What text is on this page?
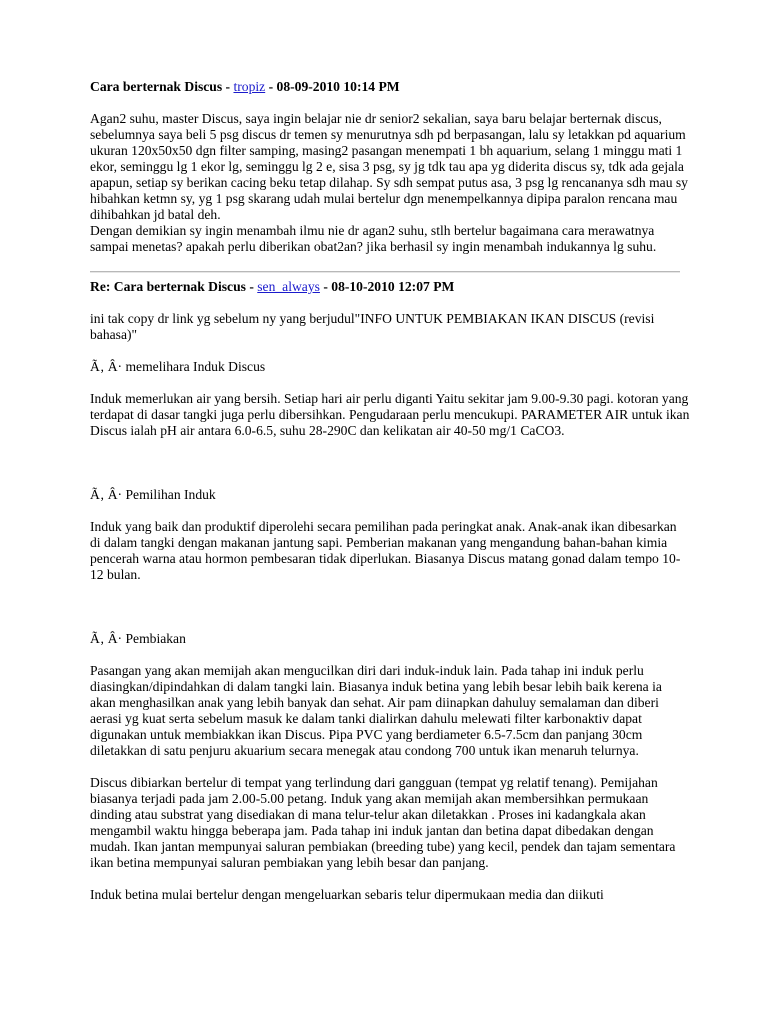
Cara berternak Discus - tropiz - 08-09-2010 10:14 PM

Agan2 suhu, master Discus, saya ingin belajar nie dr senior2 sekalian, saya baru belajar berternak discus, sebelumnya saya beli 5 psg discus dr temen sy menurutnya sdh pd berpasangan, lalu sy letakkan pd aquarium ukuran 120x50x50 dgn filter samping, masing2 pasangan menempati 1 bh aquarium, selang 1 minggu mati 1 ekor, seminggu lg 1 ekor lg, seminggu lg 2 e, sisa 3 psg, sy jg tdk tau apa yg diderita discus sy, tdk ada gejala apapun, setiap sy berikan cacing beku tetap dilahap. Sy sdh sempat putus asa, 3 psg lg rencananya sdh mau sy hibahkan ketmn sy, yg 1 psg skarang udah mulai bertelur dgn menempelkannya dipipa paralon rencana mau dihibahkan jd batal deh.

Dengan demikian sy ingin menambah ilmu nie dr agan2 suhu, stlh bertelur bagaimana cara merawatnya sampai menetas? apakah perlu diberikan obat2an? jika berhasil sy ingin menambah indukannya lg suhu.

Re: Cara berternak Discus - sen_always - 08-10-2010 12:07 PM

ini tak copy dr link yg sebelum ny yang berjudul"INFO UNTUK PEMBIAKAN IKAN DISCUS (revisi bahasa)"

Ã‚ Â· memelihara Induk Discus

Induk memerlukan air yang bersih. Setiap hari air perlu diganti Yaitu sekitar jam 9.00-9.30 pagi. kotoran yang terdapat di dasar tangki juga perlu dibersihkan. Pengudaraan perlu mencukupi. PARAMETER AIR untuk ikan Discus ialah pH air antara 6.0-6.5, suhu 28-290C dan kelikatan air 40-50 mg/1 CaCO3.

Ã‚ Â· Pemilihan Induk

Induk yang baik dan produktif diperolehi secara pemilihan pada peringkat anak. Anak-anak ikan dibesarkan di dalam tangki dengan makanan jantung sapi. Pemberian makanan yang mengandung bahan-bahan kimia pencerah warna atau hormon pembesaran tidak diperlukan. Biasanya Discus matang gonad dalam tempo 10-12 bulan.

Ã‚ Â· Pembiakan

Pasangan yang akan memijah akan mengucilkan diri dari induk-induk lain. Pada tahap ini induk perlu diasingkan/dipindahkan di dalam tangki lain. Biasanya induk betina yang lebih besar lebih baik kerena ia akan menghasilkan anak yang lebih banyak dan sehat. Air pam diinapkan dahuluy semalaman dan diberi aerasi yg kuat serta sebelum masuk ke dalam tanki dialirkan dahulu melewati filter karbonaktiv dapat digunakan untuk membiakkan ikan Discus. Pipa PVC yang berdiameter 6.5-7.5cm dan panjang 30cm diletakkan di satu penjuru akuarium secara menegak atau condong 700 untuk ikan menaruh telurnya.

Discus dibiarkan bertelur di tempat yang terlindung dari gangguan (tempat yg relatif tenang). Pemijahan biasanya terjadi pada jam 2.00-5.00 petang. Induk yang akan memijah akan membersihkan permukaan dinding atau substrat yang disediakan di mana telur-telur akan diletakkan . Proses ini kadangkala akan mengambil waktu hingga beberapa jam. Pada tahap ini induk jantan dan betina dapat dibedakan dengan mudah. Ikan jantan mempunyai saluran pembiakan (breeding tube) yang kecil, pendek dan tajam sementara ikan betina mempunyai saluran pembiakan yang lebih besar dan panjang.

Induk betina mulai bertelur dengan mengeluarkan sebaris telur dipermukaan media dan diikuti
